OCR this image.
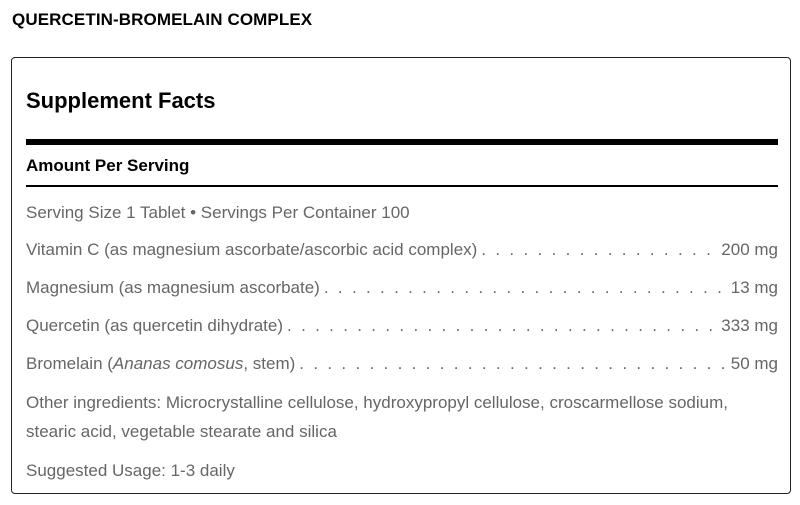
QUERCETIN-BROMELAIN COMPLEX
Supplement Facts
Amount Per Serving
Serving Size 1 Tablet • Servings Per Container 100
Vitamin C (as magnesium ascorbate/ascorbic acid complex) . . .	200 mg
Magnesium (as magnesium ascorbate) . . .	13 mg
Quercetin (as quercetin dihydrate) . . .	333 mg
Bromelain (Ananas comosus, stem) . . .	50 mg
Other ingredients: Microcrystalline cellulose, hydroxypropyl cellulose, croscarmellose sodium, stearic acid, vegetable stearate and silica
Suggested Usage: 1-3 daily
